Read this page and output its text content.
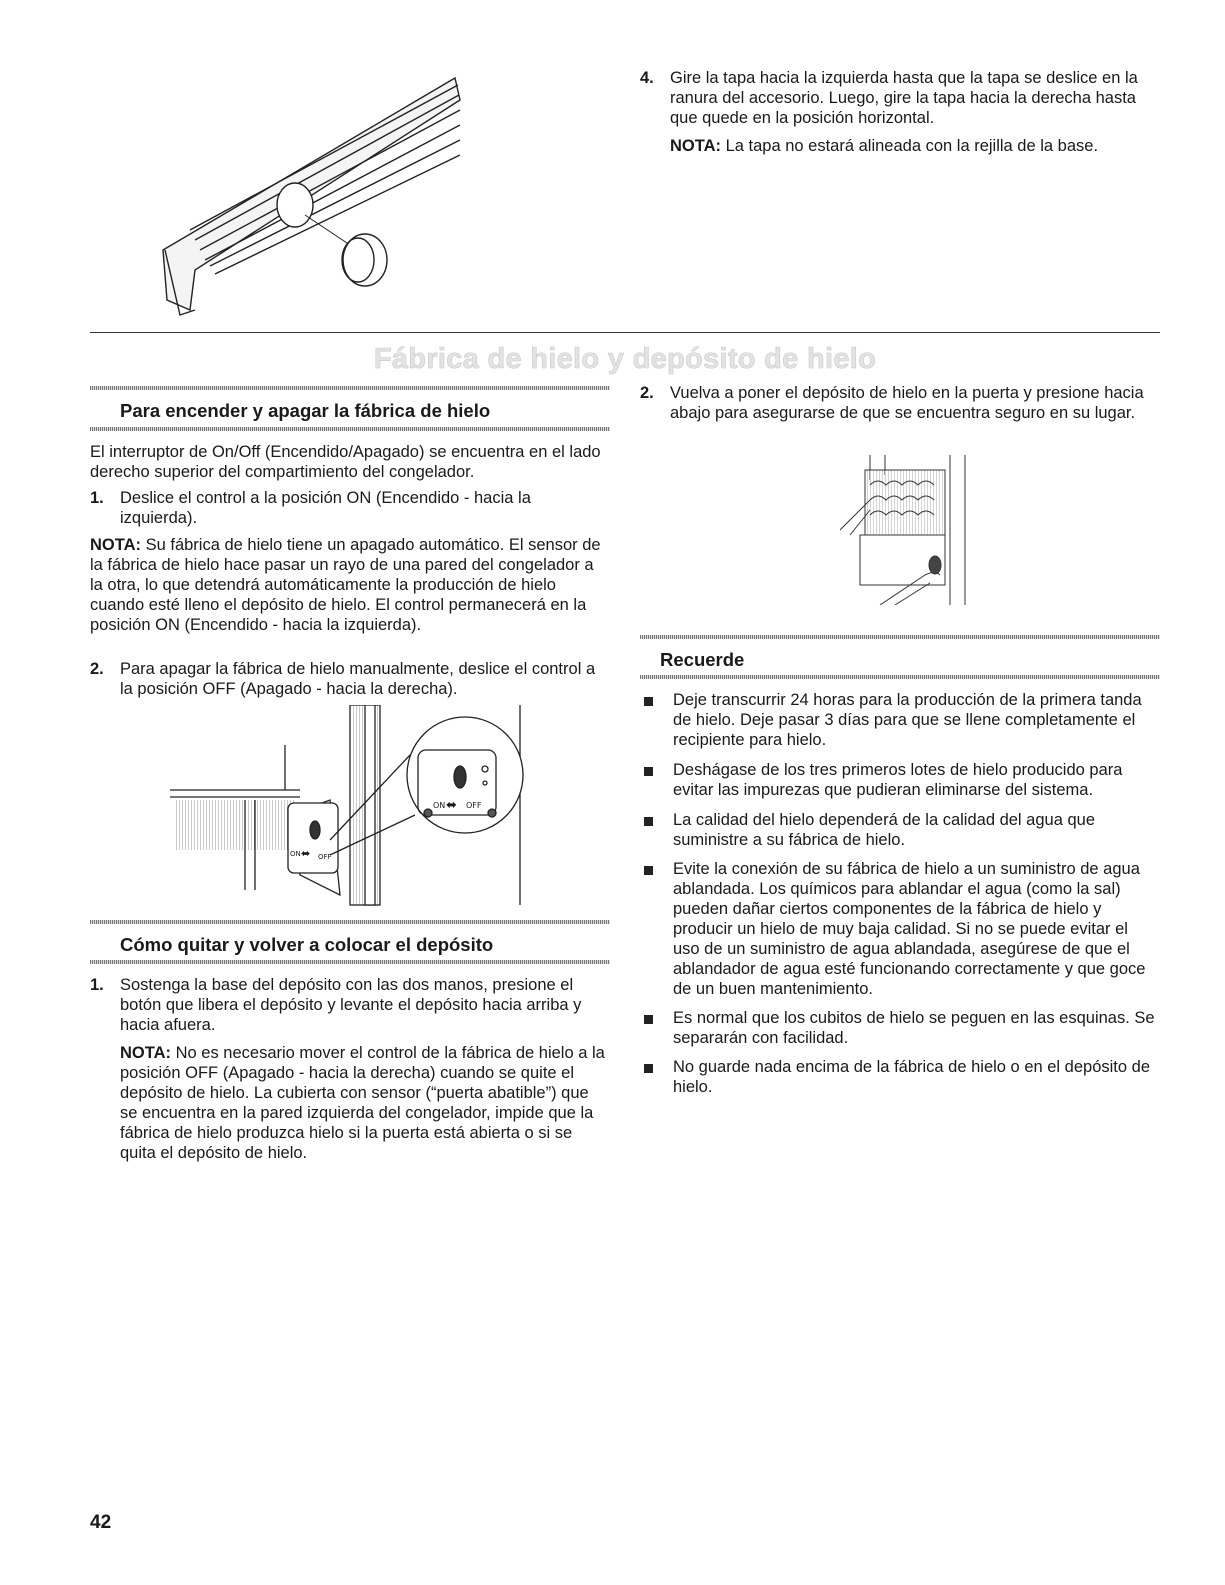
4. Gire la tapa hacia la izquierda hasta que la tapa se deslice en la ranura del accesorio. Luego, gire la tapa hacia la derecha hasta que quede en la posición horizontal.
NOTA: La tapa no estará alineada con la rejilla de la base.
Fábrica de hielo y depósito de hielo
Para encender y apagar la fábrica de hielo
El interruptor de On/Off (Encendido/Apagado) se encuentra en el lado derecho superior del compartimiento del congelador.
1. Deslice el control a la posición ON (Encendido - hacia la izquierda).
NOTA: Su fábrica de hielo tiene un apagado automático. El sensor de la fábrica de hielo hace pasar un rayo de una pared del congelador a la otra, lo que detendrá automáticamente la producción de hielo cuando esté lleno el depósito de hielo. El control permanecerá en la posición ON (Encendido - hacia la izquierda).
2. Para apagar la fábrica de hielo manualmente, deslice el control a la posición OFF (Apagado - hacia la derecha).
ON ⬌ OFF
ON ⬌ OFF
Cómo quitar y volver a colocar el depósito
1. Sostenga la base del depósito con las dos manos, presione el botón que libera el depósito y levante el depósito hacia arriba y hacia afuera.
NOTA: No es necesario mover el control de la fábrica de hielo a la posición OFF (Apagado - hacia la derecha) cuando se quite el depósito de hielo. La cubierta con sensor (“puerta abatible”) que se encuentra en la pared izquierda del congelador, impide que la fábrica de hielo produzca hielo si la puerta está abierta o si se quita el depósito de hielo.
2. Vuelva a poner el depósito de hielo en la puerta y presione hacia abajo para asegurarse de que se encuentra seguro en su lugar.
Recuerde
Deje transcurrir 24 horas para la producción de la primera tanda de hielo. Deje pasar 3 días para que se llene completamente el recipiente para hielo.
Deshágase de los tres primeros lotes de hielo producido para evitar las impurezas que pudieran eliminarse del sistema.
La calidad del hielo dependerá de la calidad del agua que suministre a su fábrica de hielo.
Evite la conexión de su fábrica de hielo a un suministro de agua ablandada. Los químicos para ablandar el agua (como la sal) pueden dañar ciertos componentes de la fábrica de hielo y producir un hielo de muy baja calidad. Si no se puede evitar el uso de un suministro de agua ablandada, asegúrese de que el ablandador de agua esté funcionando correctamente y que goce de un buen mantenimiento.
Es normal que los cubitos de hielo se peguen en las esquinas. Se separarán con facilidad.
No guarde nada encima de la fábrica de hielo o en el depósito de hielo.
42
